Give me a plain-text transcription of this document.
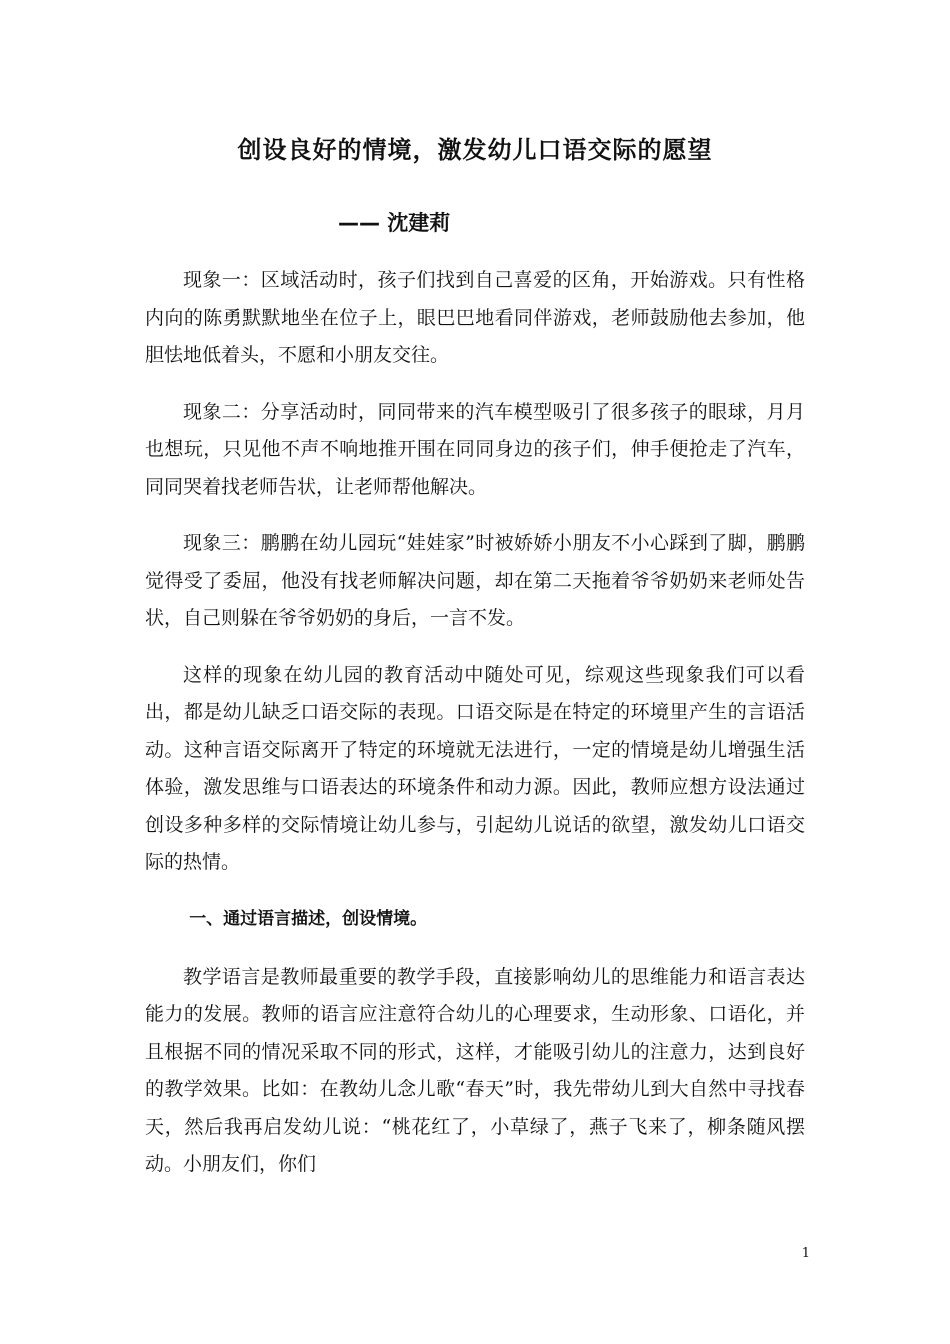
创设良好的情境，激发幼儿口语交际的愿望
—— 沈建莉

现象一：区域活动时，孩子们找到自己喜爱的区角，开始游戏。只有性格内向的陈勇默默地坐在位子上，眼巴巴地看同伴游戏，老师鼓励他去参加，他胆怯地低着头，不愿和小朋友交往。

现象二：分享活动时，同同带来的汽车模型吸引了很多孩子的眼球，月月也想玩，只见他不声不响地推开围在同同身边的孩子们，伸手便抢走了汽车，同同哭着找老师告状，让老师帮他解决。

现象三：鹏鹏在幼儿园玩“娃娃家”时被娇娇小朋友不小心踩到了脚，鹏鹏觉得受了委屈，他没有找老师解决问题，却在第二天拖着爷爷奶奶来老师处告状，自己则躲在爷爷奶奶的身后，一言不发。

这样的现象在幼儿园的教育活动中随处可见，综观这些现象我们可以看出，都是幼儿缺乏口语交际的表现。口语交际是在特定的环境里产生的言语活动。这种言语交际离开了特定的环境就无法进行，一定的情境是幼儿增强生活体验，激发思维与口语表达的环境条件和动力源。因此，教师应想方设法通过创设多种多样的交际情境让幼儿参与，引起幼儿说话的欲望，激发幼儿口语交际的热情。

一、通过语言描述，创设情境。

教学语言是教师最重要的教学手段，直接影响幼儿的思维能力和语言表达能力的发展。教师的语言应注意符合幼儿的心理要求，生动形象、口语化，并且根据不同的情况采取不同的形式，这样，才能吸引幼儿的注意力，达到良好的教学效果。比如：在教幼儿念儿歌“春天”时，我先带幼儿到大自然中寻找春天，然后我再启发幼儿说：“桃花红了，小草绿了，燕子飞来了，柳条随风摆动。小朋友们，你们

1
